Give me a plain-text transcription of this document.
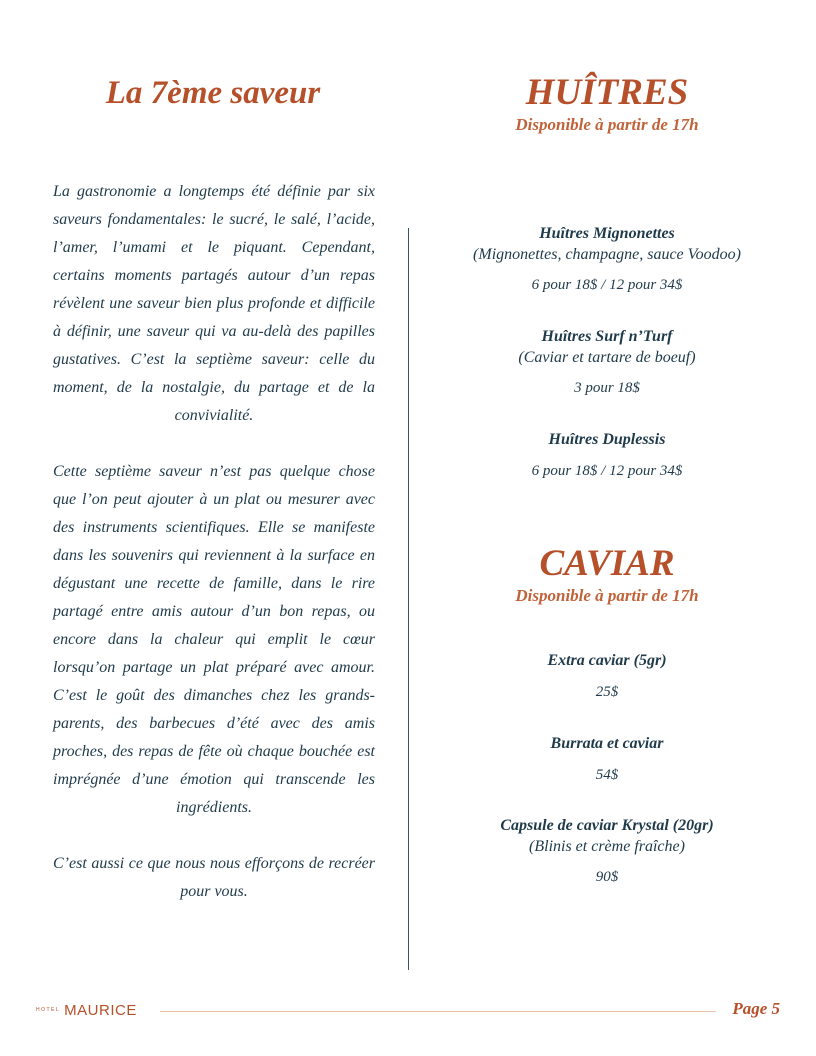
La 7ème saveur

La gastronomie a longtemps été définie par six saveurs fondamentales: le sucré, le salé, l’acide, l’amer, l’umami et le piquant. Cependant, certains moments partagés autour d’un repas révèlent une saveur bien plus profonde et difficile à définir, une saveur qui va au-delà des papilles gustatives. C’est la septième saveur: celle du moment, de la nostalgie, du partage et de la convivialité.

Cette septième saveur n’est pas quelque chose que l’on peut ajouter à un plat ou mesurer avec des instruments scientifiques. Elle se manifeste dans les souvenirs qui reviennent à la surface en dégustant une recette de famille, dans le rire partagé entre amis autour d’un bon repas, ou encore dans la chaleur qui emplit le cœur lorsqu’on partage un plat préparé avec amour. C’est le goût des dimanches chez les grands-parents, des barbecues d’été avec des amis proches, des repas de fête où chaque bouchée est imprégnée d’une émotion qui transcende les ingrédients.

C’est aussi ce que nous nous efforçons de recréer pour vous.

HUÎTRES
Disponible à partir de 17h
Huîtres Mignonettes
(Mignonettes, champagne, sauce Voodoo)
6 pour 18$ / 12 pour 34$
Huîtres Surf n’Turf
(Caviar et tartare de boeuf)
3 pour 18$
Huîtres Duplessis
6 pour 18$ / 12 pour 34$
CAVIAR
Disponible à partir de 17h
Extra caviar (5gr)
25$
Burrata et caviar
54$
Capsule de caviar Krystal (20gr)
(Blinis et crème fraîche)
90$
HOTEL MAURICE	Page 5
